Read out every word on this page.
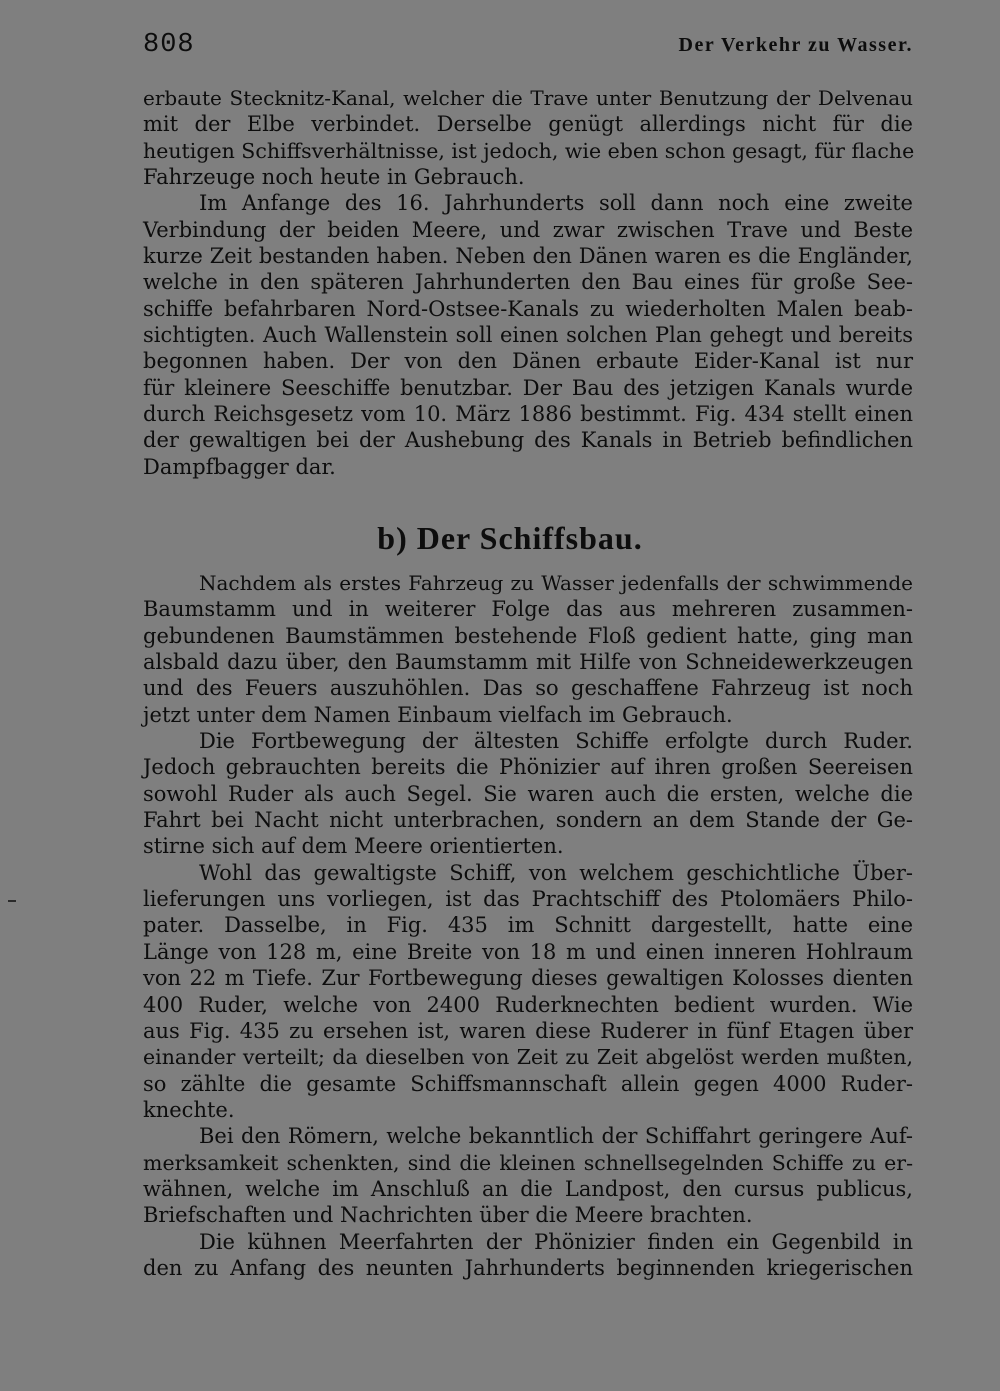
808	Der Verkehr zu Wasser.
erbaute Stecknitz-Kanal, welcher die Trave unter Benutzung der Delvenau
mit der Elbe verbindet. Derselbe genügt allerdings nicht für die
heutigen Schiffsverhältnisse, ist jedoch, wie eben schon gesagt, für flache
Fahrzeuge noch heute in Gebrauch.
Im Anfange des 16. Jahrhunderts soll dann noch eine zweite
Verbindung der beiden Meere, und zwar zwischen Trave und Beste
kurze Zeit bestanden haben. Neben den Dänen waren es die Engländer,
welche in den späteren Jahrhunderten den Bau eines für große See-
schiffe befahrbaren Nord-Ostsee-Kanals zu wiederholten Malen beab-
sichtigten. Auch Wallenstein soll einen solchen Plan gehegt und bereits
begonnen haben. Der von den Dänen erbaute Eider-Kanal ist nur
für kleinere Seeschiffe benutzbar. Der Bau des jetzigen Kanals wurde
durch Reichsgesetz vom 10. März 1886 bestimmt. Fig. 434 stellt einen
der gewaltigen bei der Aushebung des Kanals in Betrieb befindlichen
Dampfbagger dar.
b) Der Schiffsbau.
Nachdem als erstes Fahrzeug zu Wasser jedenfalls der schwimmende
Baumstamm und in weiterer Folge das aus mehreren zusammen-
gebundenen Baumstämmen bestehende Floß gedient hatte, ging man
alsbald dazu über, den Baumstamm mit Hilfe von Schneidewerkzeugen
und des Feuers auszuhöhlen. Das so geschaffene Fahrzeug ist noch
jetzt unter dem Namen Einbaum vielfach im Gebrauch.
Die Fortbewegung der ältesten Schiffe erfolgte durch Ruder.
Jedoch gebrauchten bereits die Phönizier auf ihren großen Seereisen
sowohl Ruder als auch Segel. Sie waren auch die ersten, welche die
Fahrt bei Nacht nicht unterbrachen, sondern an dem Stande der Ge-
stirne sich auf dem Meere orientierten.
Wohl das gewaltigste Schiff, von welchem geschichtliche Über-
lieferungen uns vorliegen, ist das Prachtschiff des Ptolomäers Philo-
pater. Dasselbe, in Fig. 435 im Schnitt dargestellt, hatte eine
Länge von 128 m, eine Breite von 18 m und einen inneren Hohlraum
von 22 m Tiefe. Zur Fortbewegung dieses gewaltigen Kolosses dienten
400 Ruder, welche von 2400 Ruderknechten bedient wurden. Wie
aus Fig. 435 zu ersehen ist, waren diese Ruderer in fünf Etagen über
einander verteilt; da dieselben von Zeit zu Zeit abgelöst werden mußten,
so zählte die gesamte Schiffsmannschaft allein gegen 4000 Ruder-
knechte.
Bei den Römern, welche bekanntlich der Schiffahrt geringere Auf-
merksamkeit schenkten, sind die kleinen schnellsegelnden Schiffe zu er-
wähnen, welche im Anschluß an die Landpost, den cursus publicus,
Briefschaften und Nachrichten über die Meere brachten.
Die kühnen Meerfahrten der Phönizier finden ein Gegenbild in
den zu Anfang des neunten Jahrhunderts beginnenden kriegerischen
